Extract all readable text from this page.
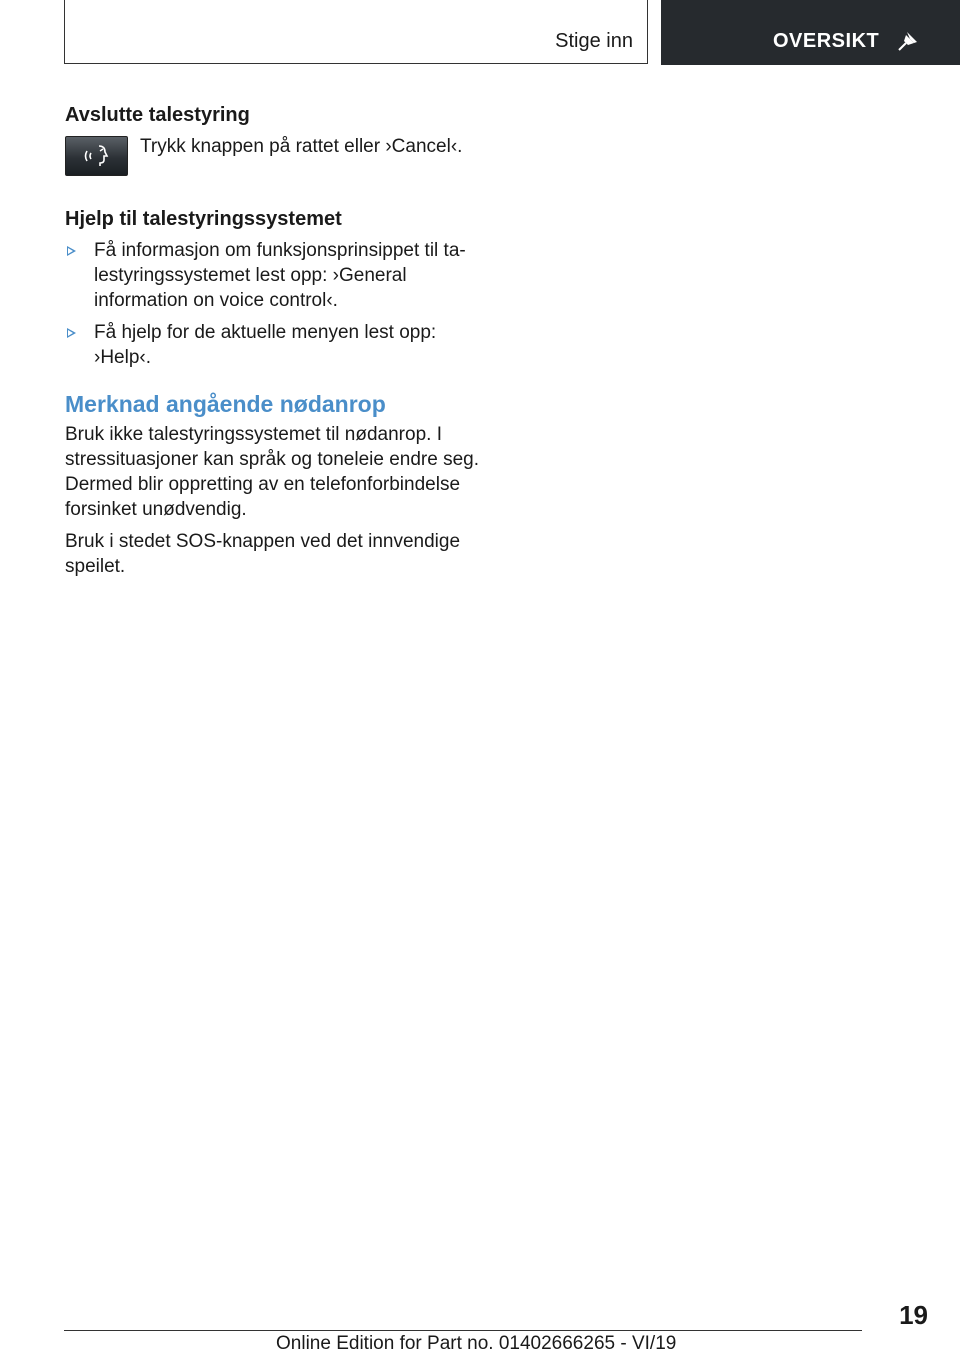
Stige inn	OVERSIKT
Avslutte talestyring

Trykk knappen på rattet eller ›Cancel‹.

Hjelp til talestyringssystemet
Få informasjon om funksjonsprinsippet til ta‐ lestyringssystemet lest opp: ›General information on voice control‹.
Få hjelp for de aktuelle menyen lest opp: ›Help‹.
Merknad angående nødanrop

Bruk ikke talestyringssystemet til nødanrop. I stressituasjoner kan språk og toneleie endre seg. Dermed blir oppretting av en telefonforbindelse forsinket unødvendig.

Bruk i stedet SOS-knappen ved det innvendige speilet.

19
Online Edition for Part no. 01402666265 - VI/19
